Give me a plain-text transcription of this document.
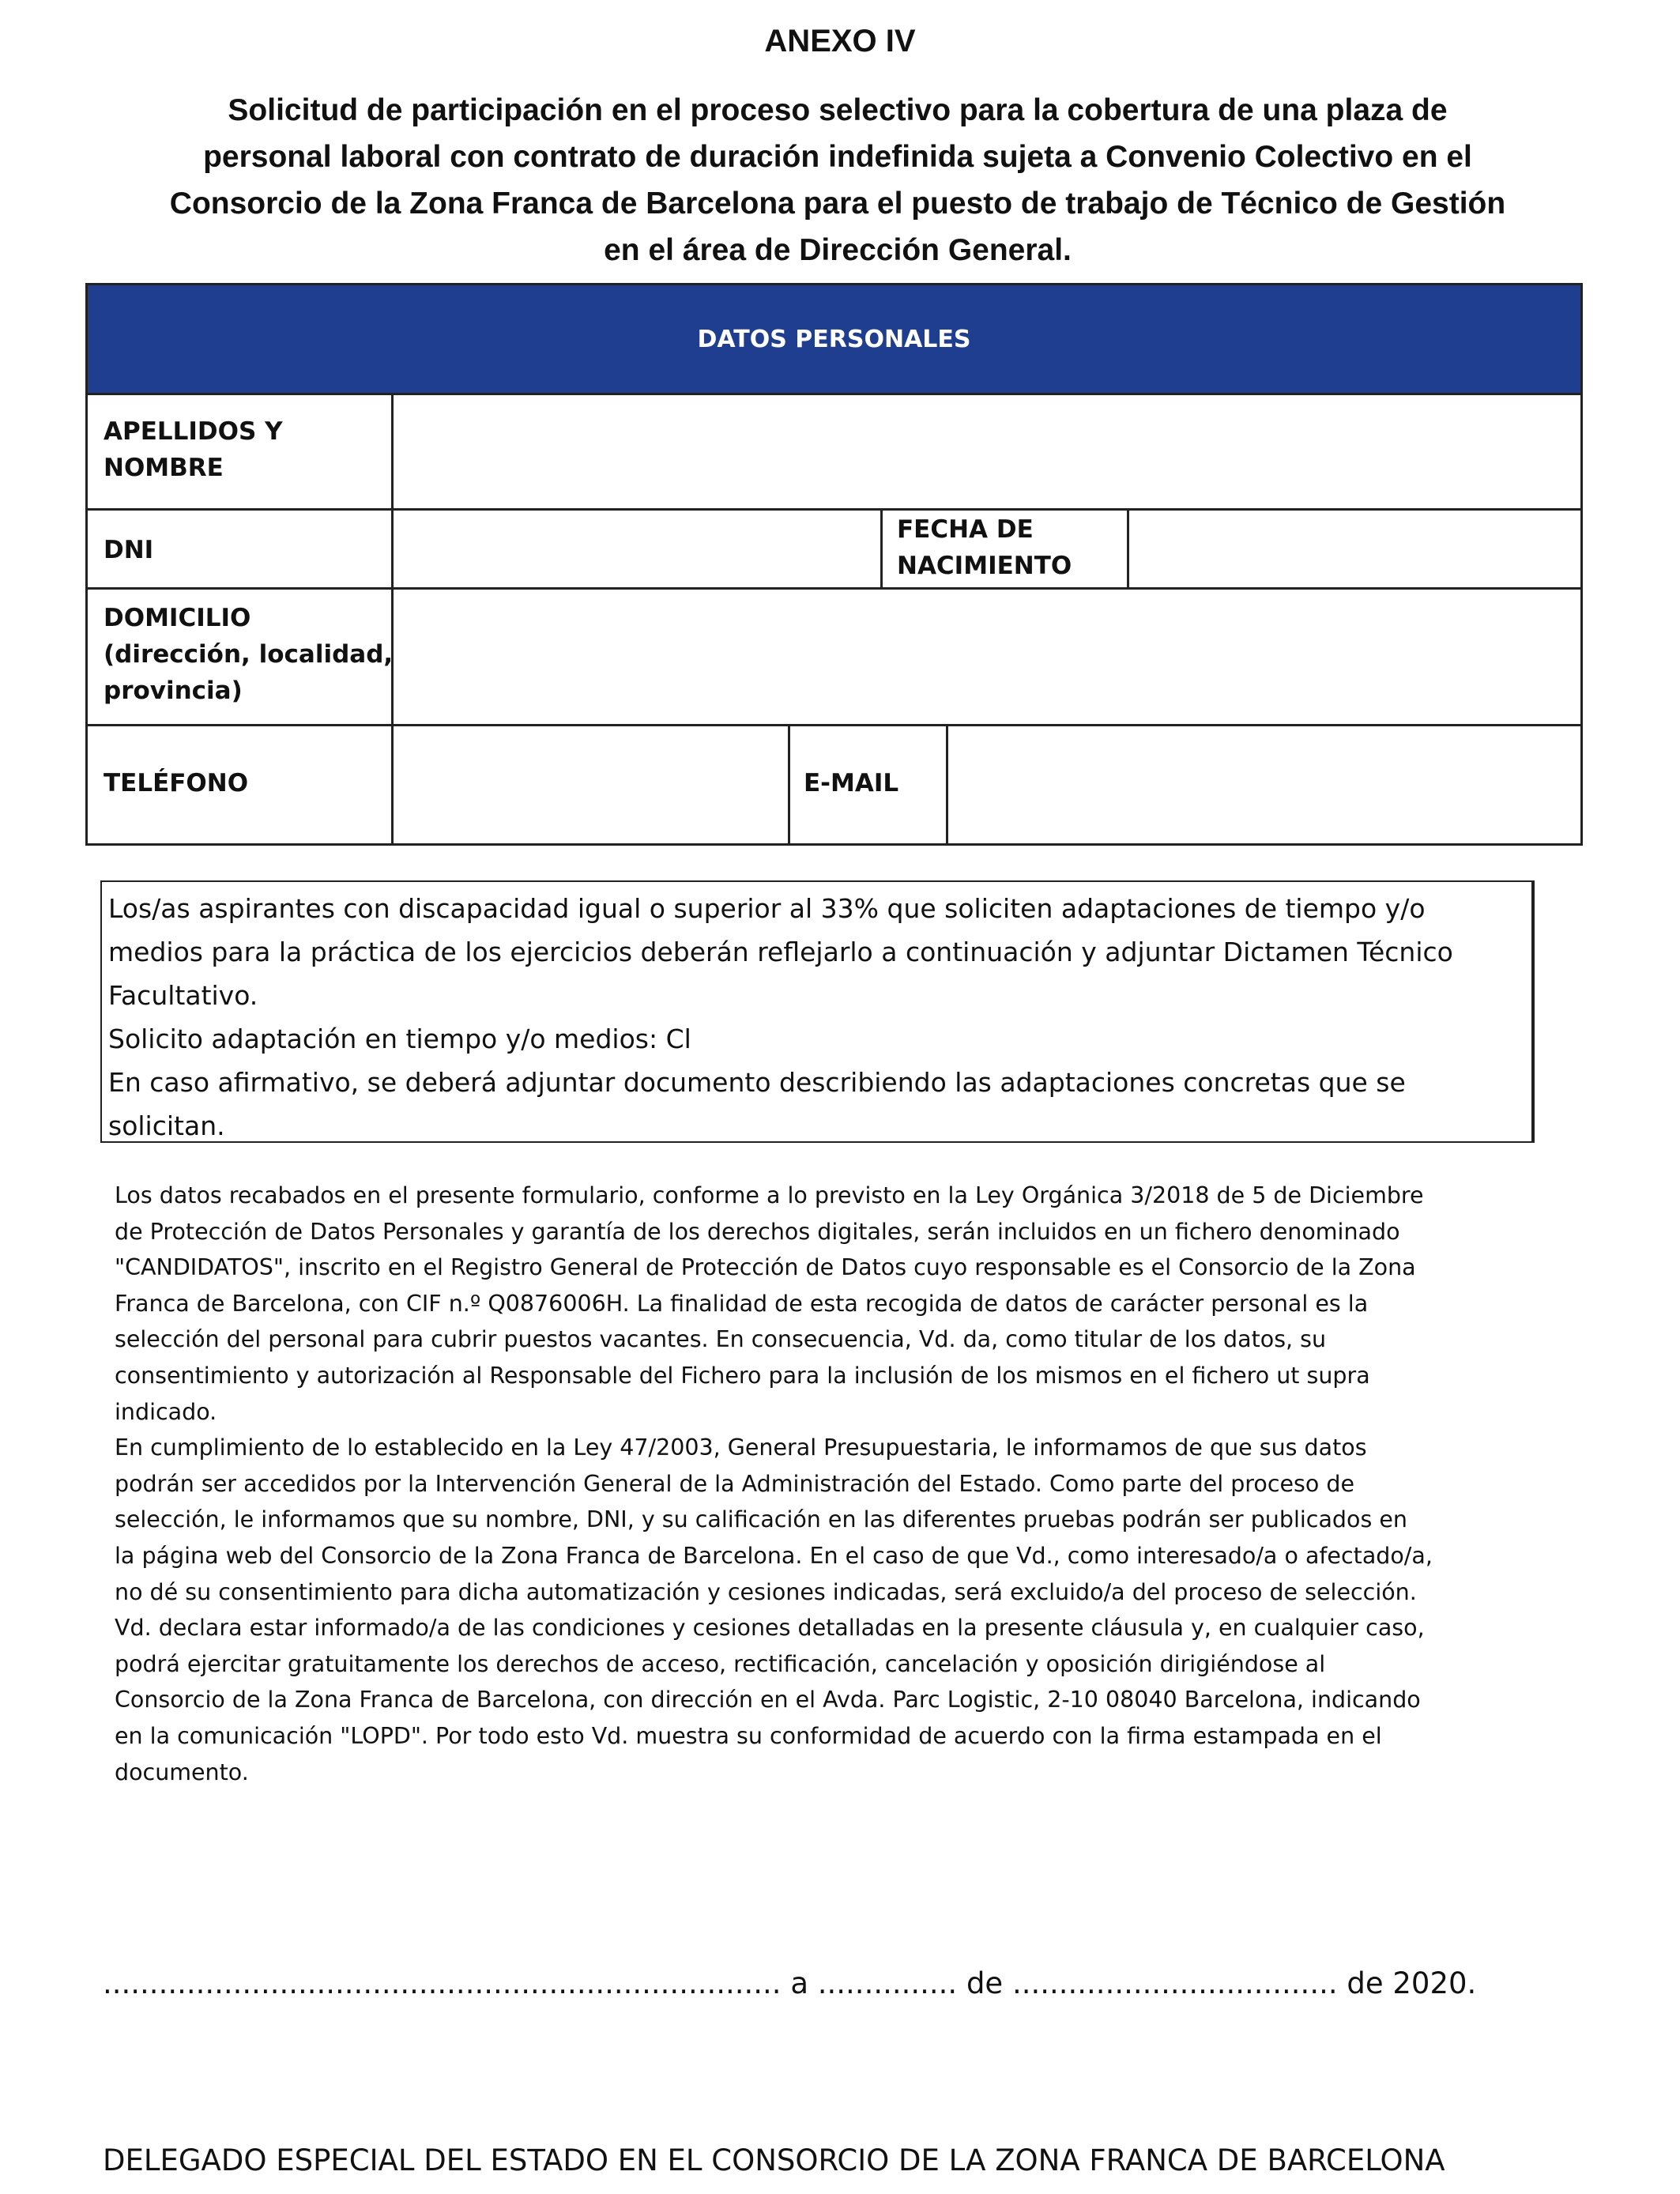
ANEXO IV
Solicitud de participación en el proceso selectivo para la cobertura de una plaza de
personal laboral con contrato de duración indefinida sujeta a Convenio Colectivo en el
Consorcio de la Zona Franca de Barcelona para el puesto de trabajo de Técnico de Gestión
en el área de Dirección General.
DATOS PERSONALES
APELLIDOS Y
NOMBRE
DNI
FECHA DE
NACIMIENTO
DOMICILIO
(dirección, localidad,
provincia)
TELÉFONO	E-MAIL
Los/as aspirantes con discapacidad igual o superior al 33% que soliciten adaptaciones de tiempo y/o
medios para la práctica de los ejercicios deberán reflejarlo a continuación y adjuntar Dictamen Técnico
Facultativo.
Solicito adaptación en tiempo y/o medios: Cl
En caso afirmativo, se deberá adjuntar documento describiendo las adaptaciones concretas que se
solicitan.
Los datos recabados en el presente formulario, conforme a lo previsto en la Ley Orgánica 3/2018 de 5 de Diciembre
de Protección de Datos Personales y garantía de los derechos digitales, serán incluidos en un fichero denominado
"CANDIDATOS", inscrito en el Registro General de Protección de Datos cuyo responsable es el Consorcio de la Zona
Franca de Barcelona, con CIF n.º Q0876006H. La finalidad de esta recogida de datos de carácter personal es la
selección del personal para cubrir puestos vacantes. En consecuencia, Vd. da, como titular de los datos, su
consentimiento y autorización al Responsable del Fichero para la inclusión de los mismos en el fichero ut supra
indicado.
En cumplimiento de lo establecido en la Ley 47/2003, General Presupuestaria, le informamos de que sus datos
podrán ser accedidos por la Intervención General de la Administración del Estado. Como parte del proceso de
selección, le informamos que su nombre, DNI, y su calificación en las diferentes pruebas podrán ser publicados en
la página web del Consorcio de la Zona Franca de Barcelona. En el caso de que Vd., como interesado/a o afectado/a,
no dé su consentimiento para dicha automatización y cesiones indicadas, será excluido/a del proceso de selección.
Vd. declara estar informado/a de las condiciones y cesiones detalladas en la presente cláusula y, en cualquier caso,
podrá ejercitar gratuitamente los derechos de acceso, rectificación, cancelación y oposición dirigiéndose al
Consorcio de la Zona Franca de Barcelona, con dirección en el Avda. Parc Logistic, 2-10 08040 Barcelona, indicando
en la comunicación "LOPD". Por todo esto Vd. muestra su conformidad de acuerdo con la firma estampada en el
documento.
......................................................................... a ............... de ................................... de 2020.
DELEGADO ESPECIAL DEL ESTADO EN EL CONSORCIO DE LA ZONA FRANCA DE BARCELONA
